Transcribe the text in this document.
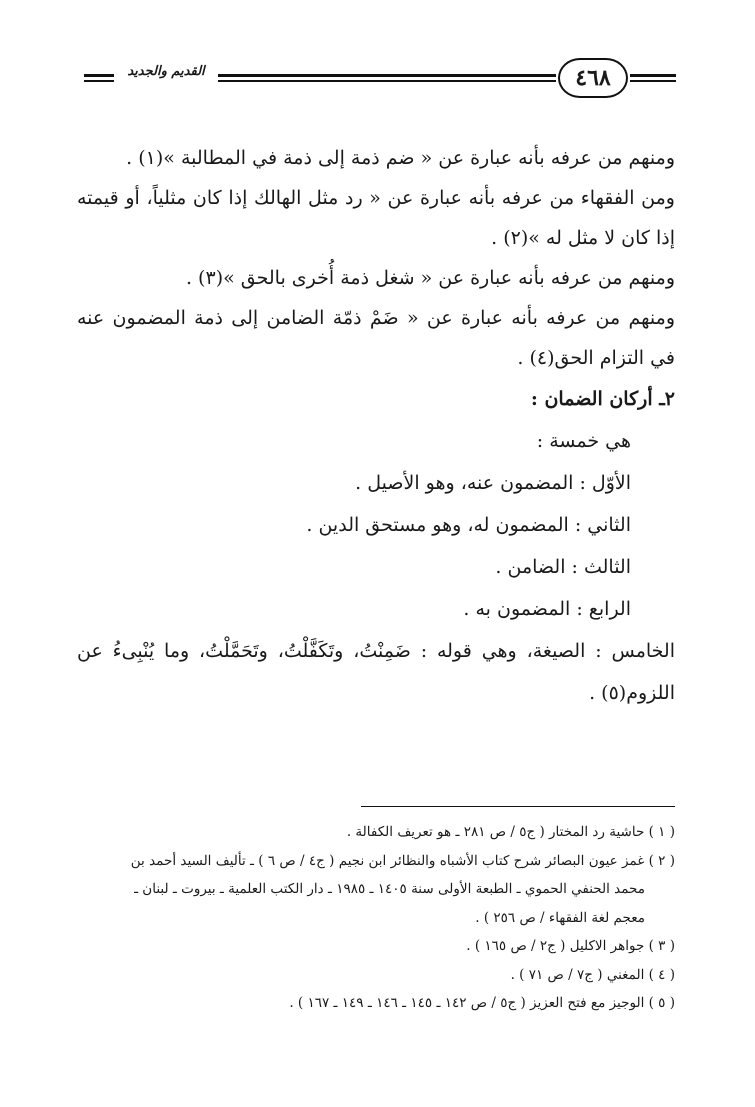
٤٦٨
القديم والجديد

ومنهم من عرفه بأنه عبارة عن « ضم ذمة إلى ذمة في المطالبة »(١) .

ومن الفقهاء من عرفه بأنه عبارة عن « رد مثل الهالك إذا كان مثلياً، أو قيمته إذا كان لا مثل له »(٢) .

ومنهم من عرفه بأنه عبارة عن « شغل ذمة أُخرى بالحق »(٣) .

ومنهم من عرفه بأنه عبارة عن « ضَمْ ذمّة الضامن إلى ذمة المضمون عنه في التزام الحق(٤) .

٢ـ أركان الضمان :

هي خمسة :

الأوّل : المضمون عنه، وهو الأصيل .

الثاني : المضمون له، وهو مستحق الدين .

الثالث : الضامن .

الرابع : المضمون به .

الخامس : الصيغة، وهي قوله : ضَمِنْتُ، وتَكَفَّلْتُ، وتَحَمَّلْتُ، وما يُنْبِىءُ عن اللزوم(٥) .

( ١ ) حاشية رد المختار ( ج٥ / ص ٢٨١ ـ هو تعريف الكفالة .

( ٢ ) غمز عيون البصائر شرح كتاب الأشباه والنظائر ابن نجيم ( ج٤ / ص ٦ ) ـ تأليف السيد أحمد بن

محمد الحنفي الحموي ـ الطبعة الأولى سنة ١٤٠٥ ـ ١٩٨٥ ـ دار الكتب العلمية ـ بيروت ـ لبنان ـ

معجم لغة الفقهاء / ص ٢٥٦ ) .

( ٣ ) جواهر الاكليل ( ج٢ / ص ١٦٥ ) .

( ٤ ) المغني ( ج٧ / ص ٧١ ) .

( ٥ ) الوجيز مع فتح العزيز ( ج٥ / ص ١٤٢ ـ ١٤٥ ـ ١٤٦ ـ ١٤٩ ـ ١٦٧ ) .
